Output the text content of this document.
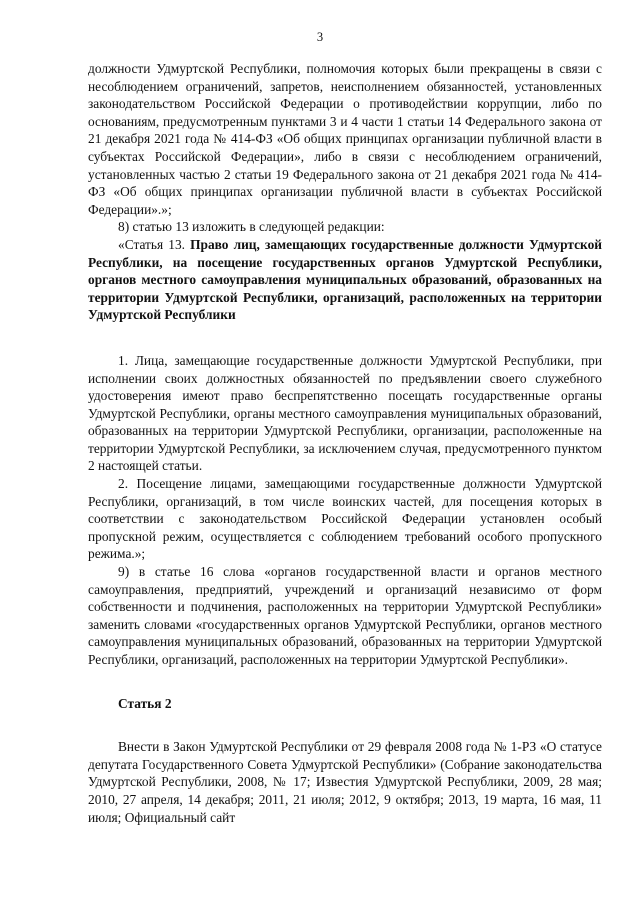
3

должности Удмуртской Республики, полномочия которых были прекращены в связи с несоблюдением ограничений, запретов, неисполнением обязанностей, установленных законодательством Российской Федерации о противодействии коррупции, либо по основаниям, предусмотренным пунктами 3 и 4 части 1 статьи 14 Федерального закона от 21 декабря 2021 года № 414-ФЗ «Об общих принципах организации публичной власти в субъектах Российской Федерации», либо в связи с несоблюдением ограничений, установленных частью 2 статьи 19 Федерального закона от 21 декабря 2021 года № 414-ФЗ «Об общих принципах организации публичной власти в субъектах Российской Федерации».»;

8) статью 13 изложить в следующей редакции:

«Статья 13. Право лиц, замещающих государственные должности Удмуртской Республики, на посещение государственных органов Удмуртской Республики, органов местного самоуправления муниципальных образований, образованных на территории Удмуртской Республики, организаций, расположенных на территории Удмуртской Республики

1. Лица, замещающие государственные должности Удмуртской Республики, при исполнении своих должностных обязанностей по предъявлении своего служебного удостоверения имеют право беспрепятственно посещать государственные органы Удмуртской Республики, органы местного самоуправления муниципальных образований, образованных на территории Удмуртской Республики, организации, расположенные на территории Удмуртской Республики, за исключением случая, предусмотренного пунктом 2 настоящей статьи.

2. Посещение лицами, замещающими государственные должности Удмуртской Республики, организаций, в том числе воинских частей, для посещения которых в соответствии с законодательством Российской Федерации установлен особый пропускной режим, осуществляется с соблюдением требований особого пропускного режима.»;

9) в статье 16 слова «органов государственной власти и органов местного самоуправления, предприятий, учреждений и организаций независимо от форм собственности и подчинения, расположенных на территории Удмуртской Республики» заменить словами «государственных органов Удмуртской Республики, органов местного самоуправления муниципальных образований, образованных на территории Удмуртской Республики, организаций, расположенных на территории Удмуртской Республики».

Статья 2

Внести в Закон Удмуртской Республики от 29 февраля 2008 года № 1-РЗ «О статусе депутата Государственного Совета Удмуртской Республики» (Собрание законодательства Удмуртской Республики, 2008, № 17; Известия Удмуртской Республики, 2009, 28 мая; 2010, 27 апреля, 14 декабря; 2011, 21 июля; 2012, 9 октября; 2013, 19 марта, 16 мая, 11 июля; Официальный сайт
